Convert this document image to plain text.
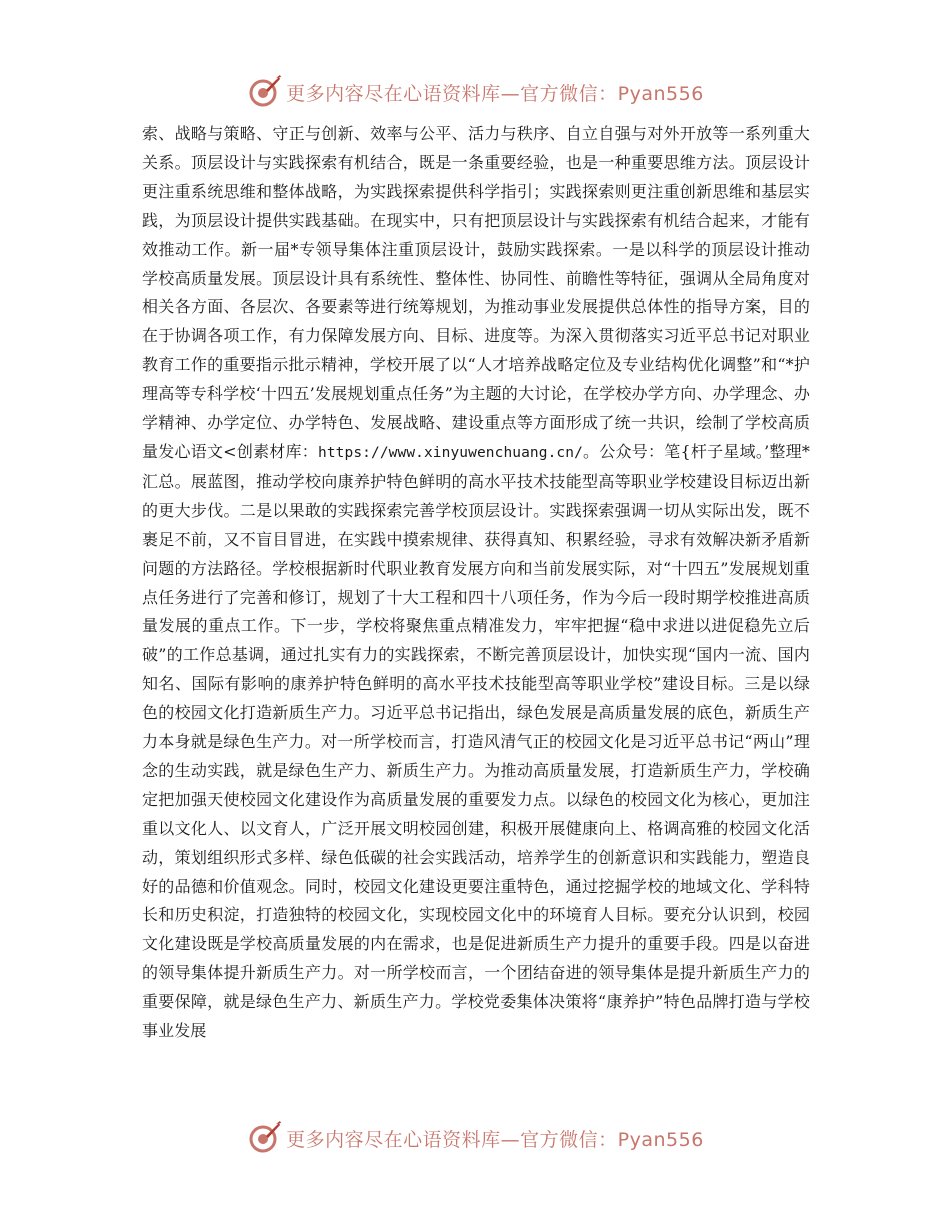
更多内容尽在心语资料库—官方微信：Pyan556

索、战略与策略、守正与创新、效率与公平、活力与秩序、自立自强与对外开放等一系列重大关系。顶层设计与实践探索有机结合，既是一条重要经验，也是一种重要思维方法。顶层设计更注重系统思维和整体战略，为实践探索提供科学指引；实践探索则更注重创新思维和基层实践，为顶层设计提供实践基础。在现实中，只有把顶层设计与实践探索有机结合起来，才能有效推动工作。新一届*专领导集体注重顶层设计，鼓励实践探索。一是以科学的顶层设计推动学校高质量发展。顶层设计具有系统性、整体性、协同性、前瞻性等特征，强调从全局角度对相关各方面、各层次、各要素等进行统筹规划，为推动事业发展提供总体性的指导方案，目的在于协调各项工作，有力保障发展方向、目标、进度等。为深入贯彻落实习近平总书记对职业教育工作的重要指示批示精神，学校开展了以“人才培养战略定位及专业结构优化调整”和“*护理高等专科学校‘十四五’发展规划重点任务”为主题的大讨论，在学校办学方向、办学理念、办学精神、办学定位、办学特色、发展战略、建设重点等方面形成了统一共识，绘制了学校高质量发心语文<创素材库：https://www.xinyuwenchuang.cn/。公众号：笔{杆子星域。’整理*汇总。展蓝图，推动学校向康养护特色鲜明的高水平技术技能型高等职业学校建设目标迈出新的更大步伐。二是以果敢的实践探索完善学校顶层设计。实践探索强调一切从实际出发，既不裹足不前，又不盲目冒进，在实践中摸索规律、获得真知、积累经验，寻求有效解决新矛盾新问题的方法路径。学校根据新时代职业教育发展方向和当前发展实际，对“十四五”发展规划重点任务进行了完善和修订，规划了十大工程和四十八项任务，作为今后一段时期学校推进高质量发展的重点工作。下一步，学校将聚焦重点精准发力，牢牢把握“稳中求进以进促稳先立后破”的工作总基调，通过扎实有力的实践探索，不断完善顶层设计，加快实现“国内一流、国内知名、国际有影响的康养护特色鲜明的高水平技术技能型高等职业学校”建设目标。三是以绿色的校园文化打造新质生产力。习近平总书记指出，绿色发展是高质量发展的底色，新质生产力本身就是绿色生产力。对一所学校而言，打造风清气正的校园文化是习近平总书记“两山”理念的生动实践，就是绿色生产力、新质生产力。为推动高质量发展，打造新质生产力，学校确定把加强天使校园文化建设作为高质量发展的重要发力点。以绿色的校园文化为核心，更加注重以文化人、以文育人，广泛开展文明校园创建，积极开展健康向上、格调高雅的校园文化活动，策划组织形式多样、绿色低碳的社会实践活动，培养学生的创新意识和实践能力，塑造良好的品德和价值观念。同时，校园文化建设更要注重特色，通过挖掘学校的地域文化、学科特长和历史积淀，打造独特的校园文化，实现校园文化中的环境育人目标。要充分认识到，校园文化建设既是学校高质量发展的内在需求，也是促进新质生产力提升的重要手段。四是以奋进的领导集体提升新质生产力。对一所学校而言，一个团结奋进的领导集体是提升新质生产力的重要保障，就是绿色生产力、新质生产力。学校党委集体决策将“康养护”特色品牌打造与学校事业发展

更多内容尽在心语资料库—官方微信：Pyan556
